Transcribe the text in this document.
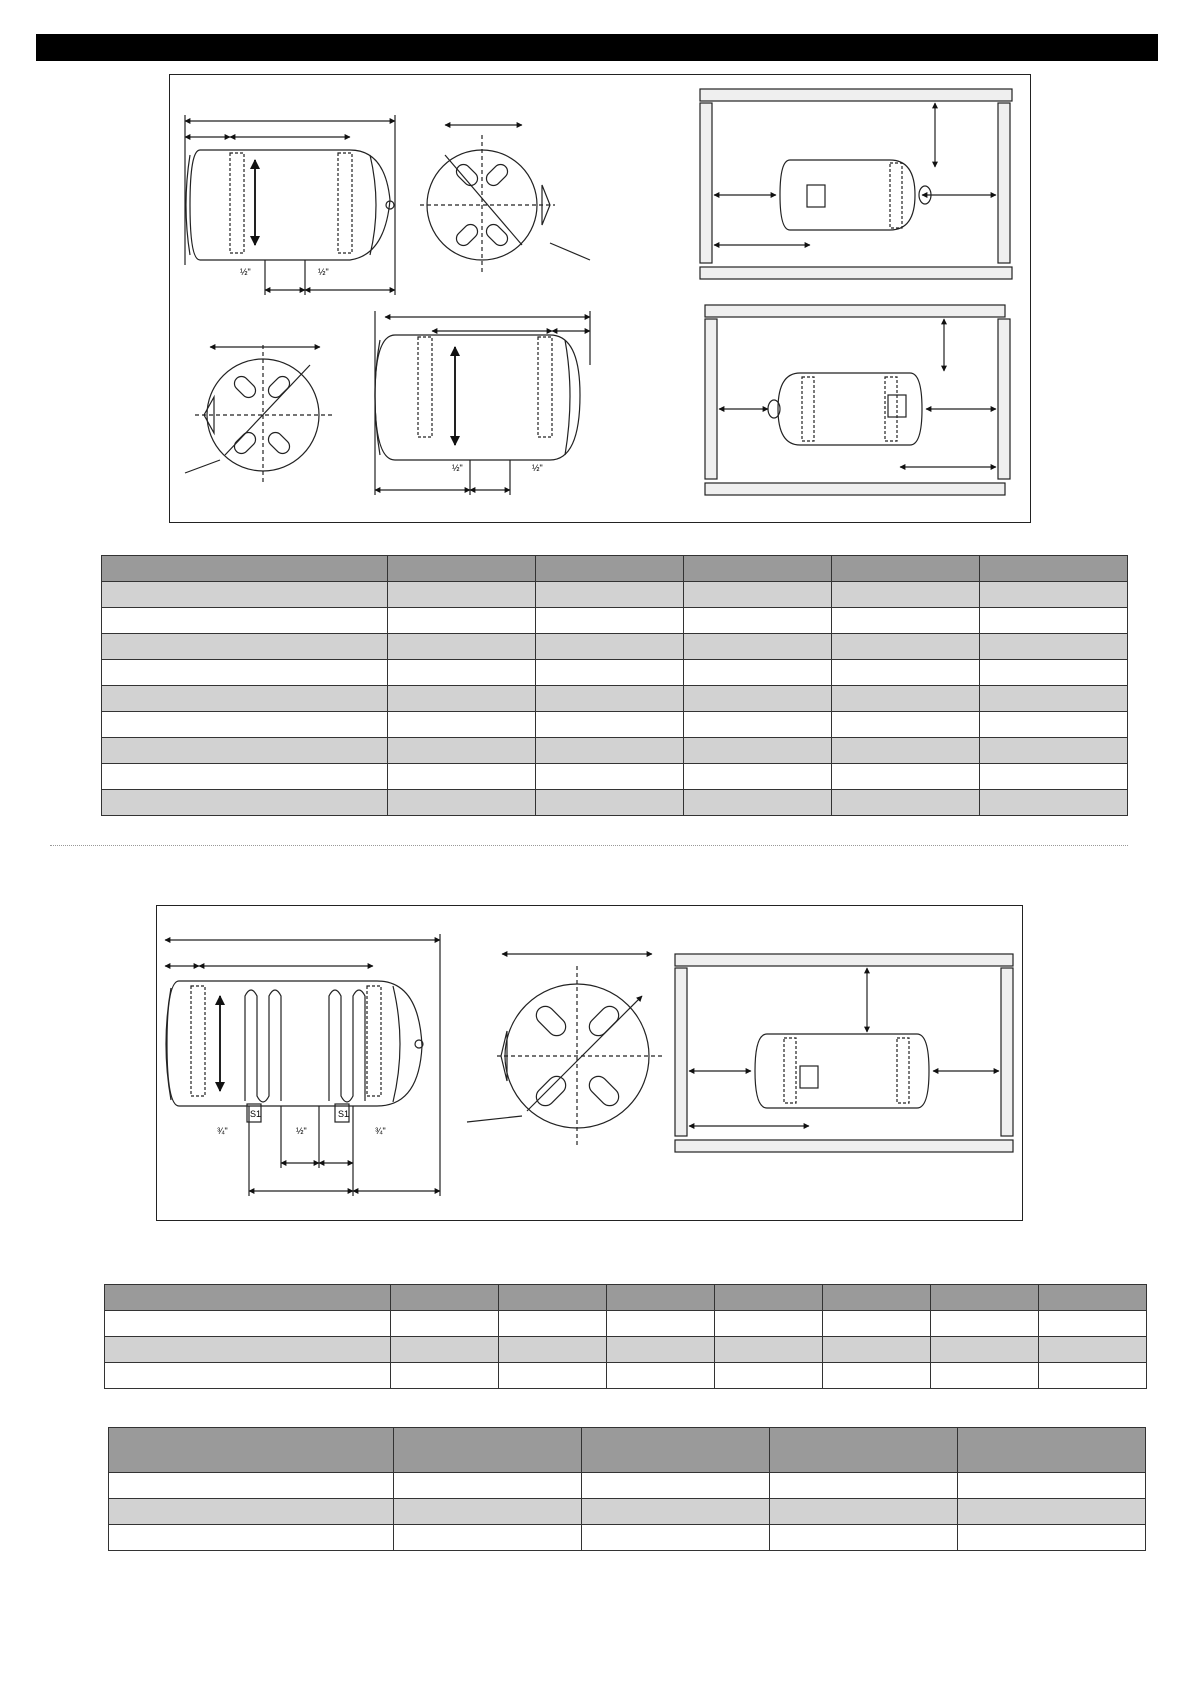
½"	½"
½"	½"

¾"	½"	¾"
S1	S1
